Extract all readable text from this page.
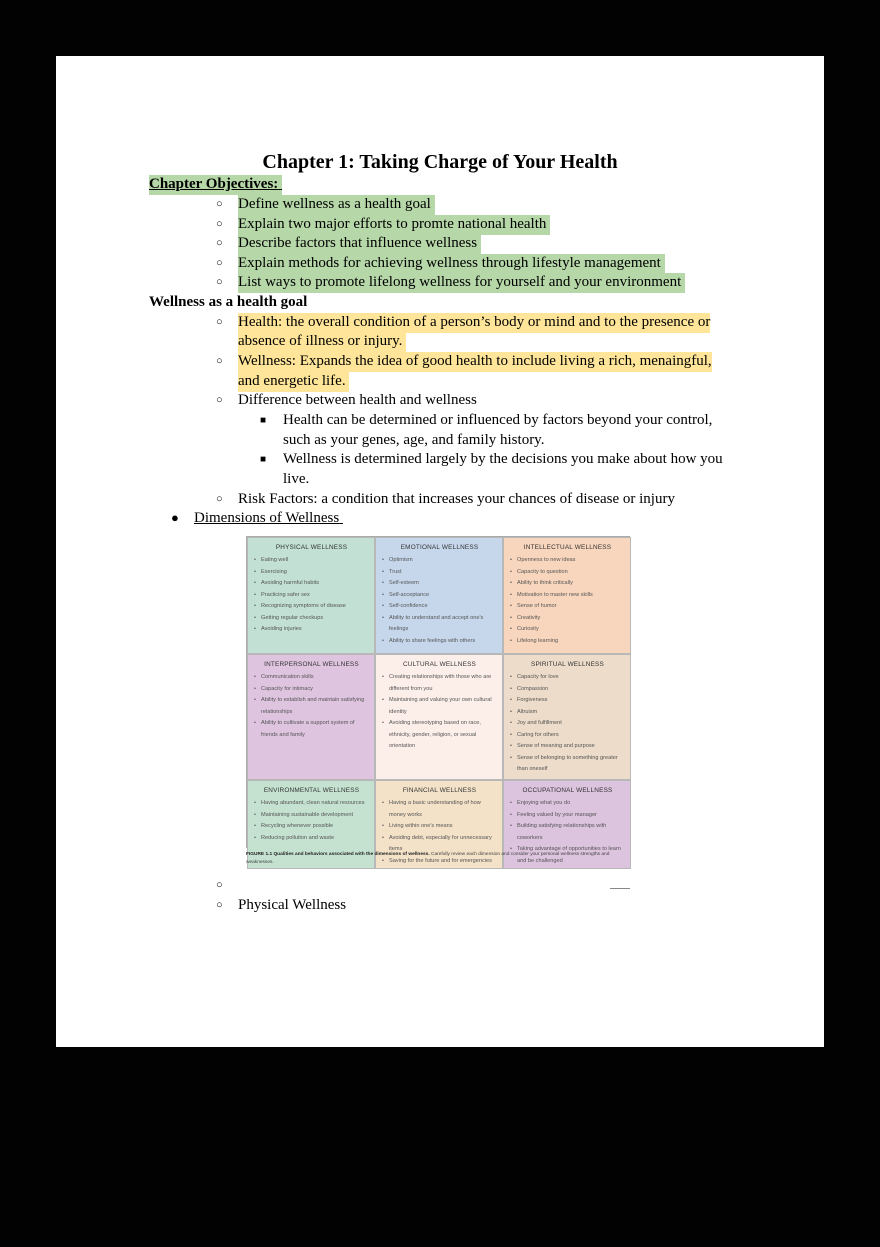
Chapter 1: Taking Charge of Your Health
Chapter Objectives:
○ Define wellness as a health goal
○ Explain two major efforts to promte national health
○ Describe factors that influence wellness
○ Explain methods for achieving wellness through lifestyle management
○ List ways to promote lifelong wellness for yourself and your environment
Wellness as a health goal
○ Health: the overall condition of a person’s body or mind and to the presence or
absence of illness or injury.
○ Wellness: Expands the idea of good health to include living a rich, menaingful,
and energetic life.
○ Difference between health and wellness
■ Health can be determined or influenced by factors beyond your control,
such as your genes, age, and family history.
■ Wellness is determined largely by the decisions you make about how you
live.
○ Risk Factors: a condition that increases your chances of disease or injury
● Dimensions of Wellness
PHYSICAL WELLNESS
• Eating well
• Exercising
• Avoiding harmful habits
• Practicing safer sex
• Recognizing symptoms of disease
• Getting regular checkups
• Avoiding injuries
EMOTIONAL WELLNESS
• Optimism
• Trust
• Self-esteem
• Self-acceptance
• Self-confidence
• Ability to understand and accept one's feelings
• Ability to share feelings with others
INTELLECTUAL WELLNESS
• Openness to new ideas
• Capacity to question
• Ability to think critically
• Motivation to master new skills
• Sense of humor
• Creativity
• Curiosity
• Lifelong learning
INTERPERSONAL WELLNESS
• Communication skills
• Capacity for intimacy
• Ability to establish and maintain satisfying relationships
• Ability to cultivate a support system of friends and family
CULTURAL WELLNESS
• Creating relationships with those who are different from you
• Maintaining and valuing your own cultural identity
• Avoiding stereotyping based on race, ethnicity, gender, religion, or sexual orientation
SPIRITUAL WELLNESS
• Capacity for love
• Compassion
• Forgiveness
• Altruism
• Joy and fulfillment
• Caring for others
• Sense of meaning and purpose
• Sense of belonging to something greater than oneself
ENVIRONMENTAL WELLNESS
• Having abundant, clean natural resources
• Maintaining sustainable development
• Recycling whenever possible
• Reducing pollution and waste
FINANCIAL WELLNESS
• Having a basic understanding of how money works
• Living within one's means
• Avoiding debt, especially for unnecessary items
• Saving for the future and for emergencies
OCCUPATIONAL WELLNESS
• Enjoying what you do
• Feeling valued by your manager
• Building satisfying relationships with coworkers
• Taking advantage of opportunities to learn and be challenged
FIGURE 1.1 Qualities and behaviors associated with the dimensions of wellness. Carefully review each dimension and consider your personal wellness strengths and weaknesses.
○
○ Physical Wellness
